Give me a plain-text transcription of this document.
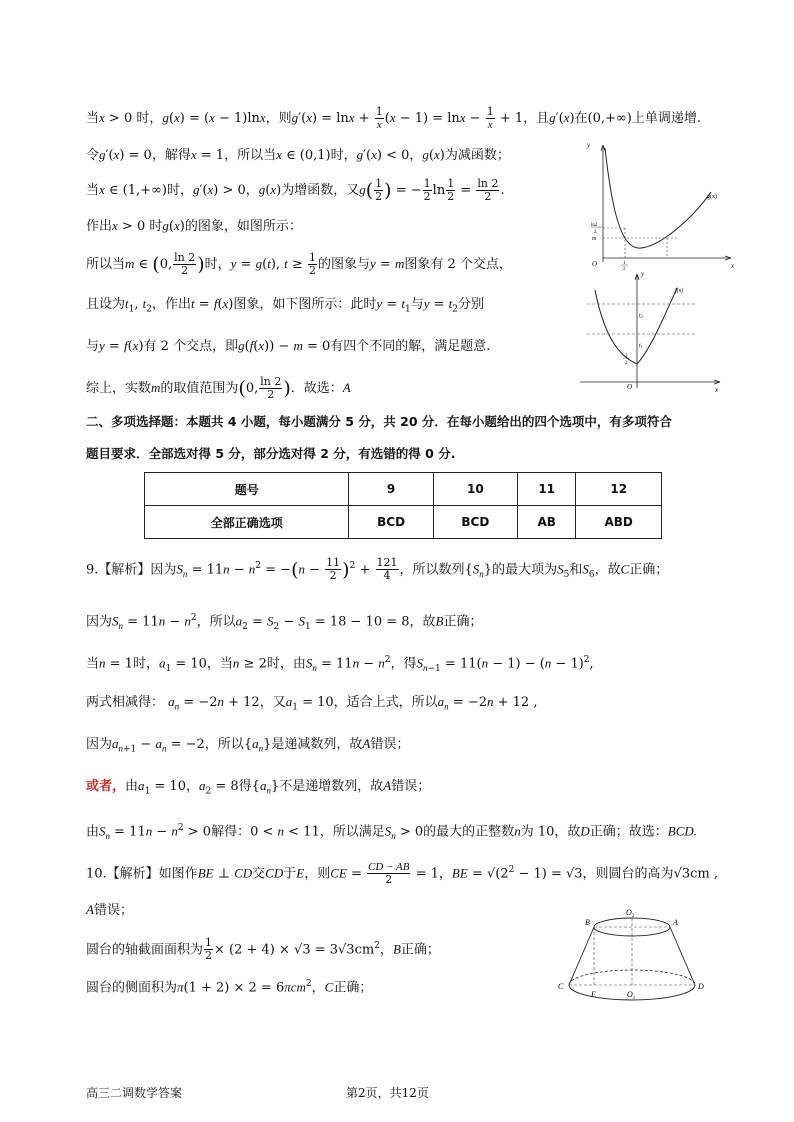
当x > 0 时，g(x) = (x − 1)lnx，则$g'(x) = \ln x + \frac{1}{x} (x - 1) = \ln x - \frac{1}{x} + 1$，且g′(x)在(0,+∞)上单调递增.
令g′(x) = 0，解得x = 1，所以当x ∈ (0,1)时，g′(x) < 0，g(x)为减函数；
当x ∈ (1,+∞)时，g′(x) > 0，g(x)为增函数，又$g( \frac{1}{2}$ ) = − $\frac{1}{2}$ $\ln \frac{1}{2} = \frac{\ln 2}{2}$ .
作出x > 0 时g(x)的图象，如图所示：
所以当m ∈ (0, $\frac{\ln 2}{2}$ )时，y = g(t), $t \ge \frac{1}{2}$ 的图象与y = m图象有 2 个交点，
且设为$t_1$, $t_2$，作出t = f(x)图象，如下图所示：此时$y = t_1$与$y = t_2$分别
与y = f(x)有 2 个交点，即g(f(x)) − m = 0有四个不同的解，满足题意.
综上，实数m的取值范围为(0, $\frac{\ln 2}{2}$ )．故选：A
二、多项选择题：本题共 4 小题，每小题满分 5 分，共 20 分．在每小题给出的四个选项中，有多项符合
题目要求．全部选对得 5 分，部分选对得 2 分，有选错的得 0 分.
题号	9	10	11	12
全部正确选项	BCD	BCD	AB	ABD
9.【解析】因为$S_n = 11n - n^2 = -(n - \frac{11}{2} )^2 + \frac{121}{4}$ ，所以数列$\{S_n\}$的最大项为$S_5$和$S_6$，故C正确；
因为$S_n = 11n - n^2$，所以$a_2 = S_2 - S_1 = 18 - 10 = 8$，故B正确；
当n = 1时，$a_1 = 10$，当n ≥ 2时，由$S_n = 11n - n^2$，得$S_{n-1} = 11(n - 1) - (n - 1)^2$,
两式相减得： $a_n = -2n + 12$，又$a_1 = 10$，适合上式，所以$a_n = -2n + 12$ ,
因为$a_{n+1} - a_n = -2$，所以$\{a_n\}$是递减数列，故A错误；
或者，由$a_1 = 10$，$a_2 = 8$得$\{a_n\}$不是递增数列，故A错误；
由$S_n = 11n - n^2 > 0$解得：0 < n < 11，所以满足$S_n > 0$的最大的正整数n为 10，故D正确；故选：BCD.
10.【解析】如图作BE ⊥ CD交CD于E，则CE = $\frac{CD - AB}{2} = 1$，BE = $√(2^2 - 1) = √3$，则圆台的高为√3cm ,
A错误；
圆台的轴截面面积为 $\frac{1}{2} \times (2 + 4) \times √3 = 3√3cm^2$，B正确；
圆台的侧面积为π(1 + 2) × 2 = 6πcm$^2$，C正确；
高三二调数学答案	第2页，共12页
y
x
O
g(x)
ln2
2
m
1
2
y
x
O
f(x)
t2
t1
1
2
B	A
$O_2$
C
E	$O_1$
D
